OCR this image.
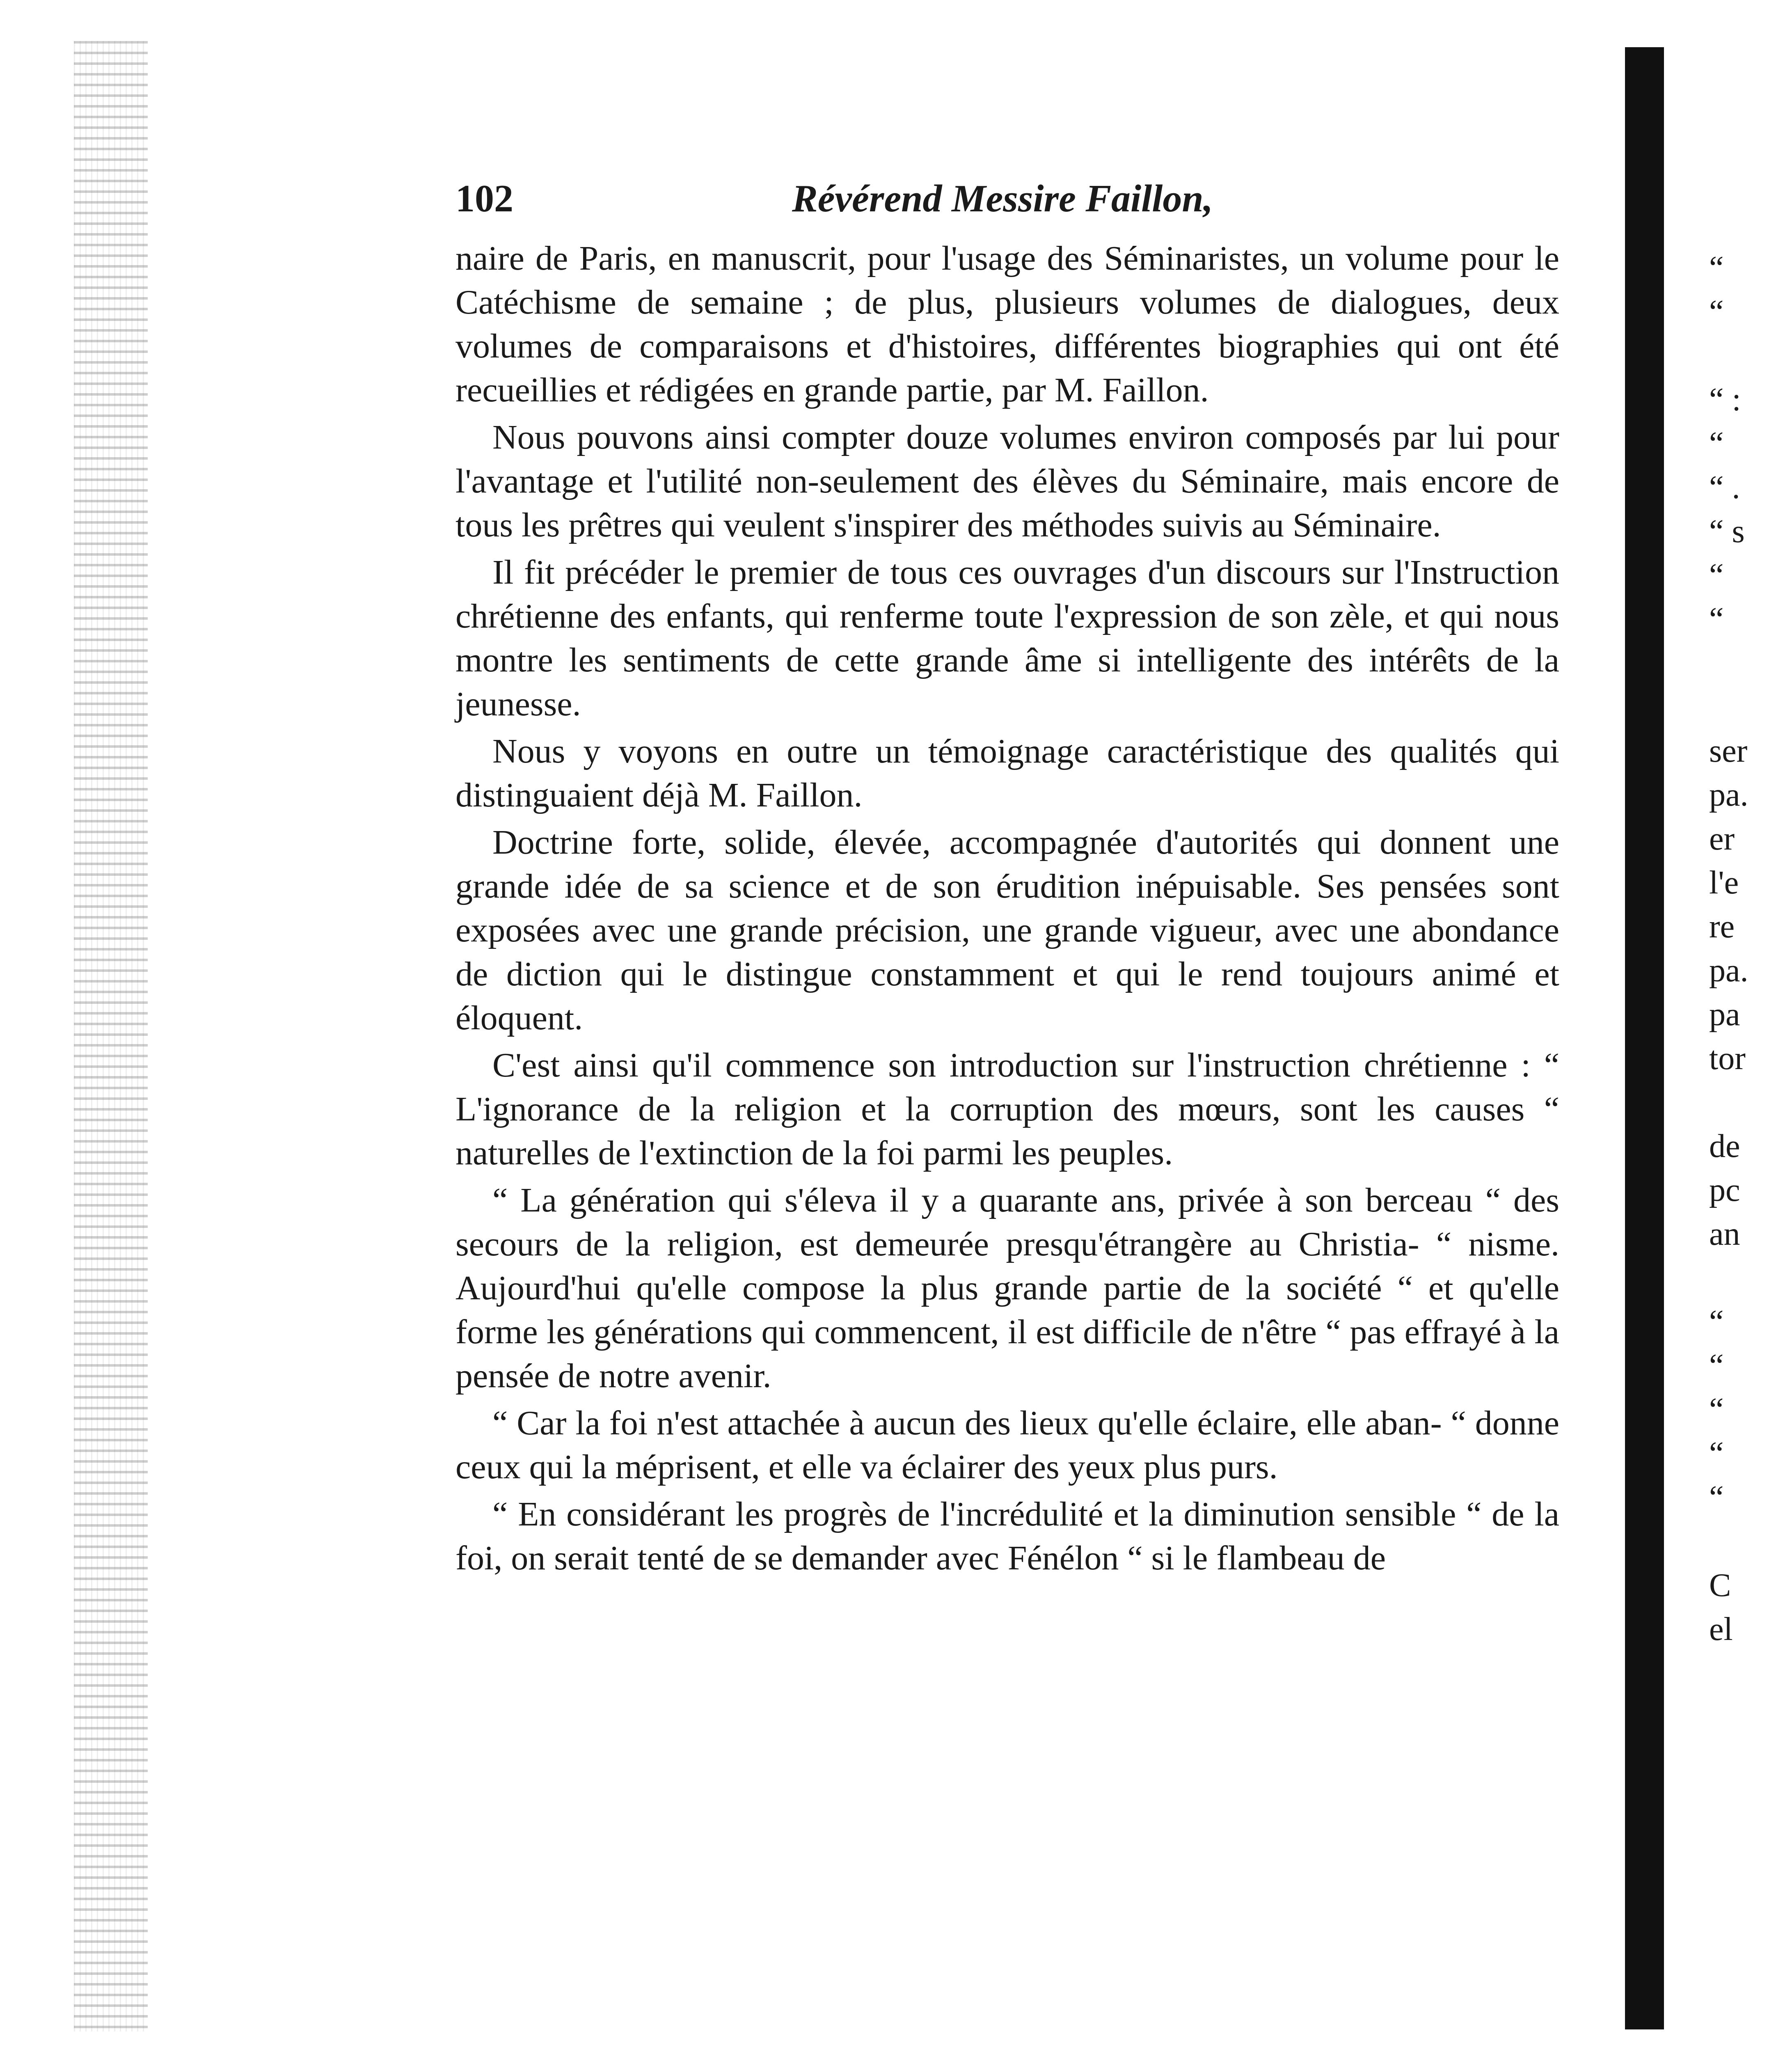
102	Révérend Messire Faillon,

naire de Paris, en manuscrit, pour l'usage des Séminaristes, un volume pour le Catéchisme de semaine ; de plus, plusieurs volumes de dialogues, deux volumes de comparaisons et d'histoires, différentes biographies qui ont été recueillies et rédigées en grande partie, par M. Faillon.

Nous pouvons ainsi compter douze volumes environ composés par lui pour l'avantage et l'utilité non-seulement des élèves du Séminaire, mais encore de tous les prêtres qui veulent s'inspirer des méthodes suivis au Séminaire.

Il fit précéder le premier de tous ces ouvrages d'un discours sur l'Instruction chrétienne des enfants, qui renferme toute l'expression de son zèle, et qui nous montre les sentiments de cette grande âme si intelligente des intérêts de la jeunesse.

Nous y voyons en outre un témoignage caractéristique des qualités qui distinguaient déjà M. Faillon.

Doctrine forte, solide, élevée, accompagnée d'autorités qui donnent une grande idée de sa science et de son érudition inépuisable. Ses pensées sont exposées avec une grande précision, une grande vigueur, avec une abondance de diction qui le distingue constamment et qui le rend toujours animé et éloquent.

C'est ainsi qu'il commence son introduction sur l'instruction chrétienne : “ L'ignorance de la religion et la corruption des mœurs, sont les causes “ naturelles de l'extinction de la foi parmi les peuples.

“ La génération qui s'éleva il y a quarante ans, privée à son berceau “ des secours de la religion, est demeurée presqu'étrangère au Christia- “ nisme. Aujourd'hui qu'elle compose la plus grande partie de la société “ et qu'elle forme les générations qui commencent, il est difficile de n'être “ pas effrayé à la pensée de notre avenir.

“ Car la foi n'est attachée à aucun des lieux qu'elle éclaire, elle aban- “ donne ceux qui la méprisent, et elle va éclairer des yeux plus purs.

“ En considérant les progrès de l'incrédulité et la diminution sensible “ de la foi, on serait tenté de se demander avec Fénélon “ si le flambeau de

“
“
“ :
“
“ .
“ s
“
“
ser
pa.
er
l'e
re
pa.
pa
tor
de
pc
an
“
“
“
“
“
C
el
